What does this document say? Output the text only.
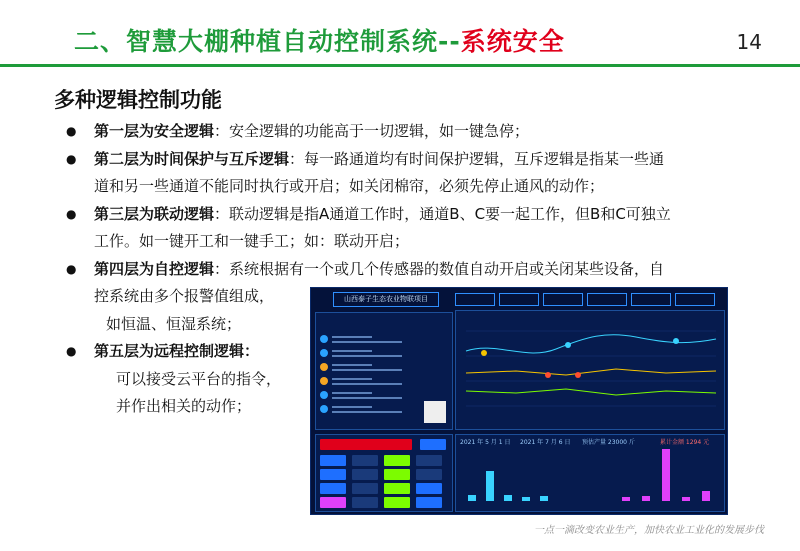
二、智慧大棚种植自动控制系统--系统安全	14
多种逻辑控制功能
● 第一层为安全逻辑：安全逻辑的功能高于一切逻辑，如一键急停；
● 第二层为时间保护与互斥逻辑：每一路通道均有时间保护逻辑，互斥逻辑是指某一些通
道和另一些通道不能同时执行或开启；如关闭棉帘，必须先停止通风的动作；
● 第三层为联动逻辑：联动逻辑是指A通道工作时，通道B、C要一起工作，但B和C可独立
工作。如一键开工和一键手工；如：联动开启；
● 第四层为自控逻辑：系统根据有一个或几个传感器的数值自动开启或关闭某些设备，自
控系统由多个报警值组成，
如恒温、恒湿系统；
● 第五层为远程控制逻辑：
可以接受云平台的指令，
并作出相关的动作；
山西泰子生态农业物联项目
2021 年 5 月 1 日 2021 年 7 月 6 日 预估产量 23000 斤	累计金额 1294 元
一点一滴改变农业生产，加快农业工业化的发展步伐
